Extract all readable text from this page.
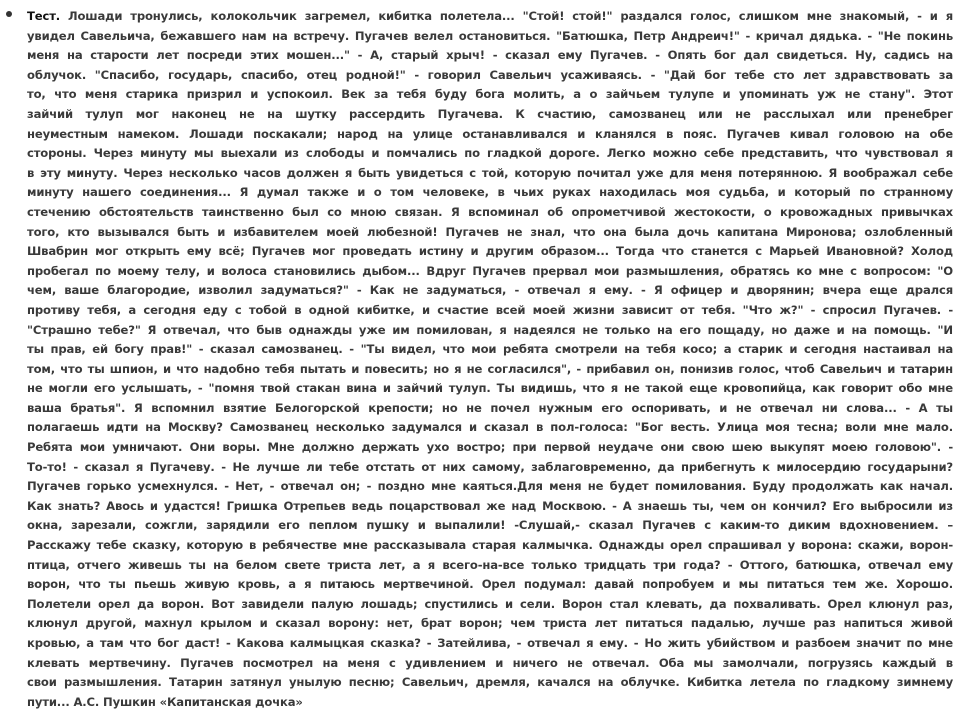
Тест. Лошади тронулись, колокольчик загремел, кибитка полетела... "Стой! стой!" раздался голос, слишком мне знакомый, - и я
увидел Савельича, бежавшего нам на встречу. Пугачев велел остановиться. "Батюшка, Петр Андреич!" - кричал дядька. - "Не покинь
меня на старости лет посреди этих мошен..." - А, старый хрыч! - сказал ему Пугачев. - Опять бог дал свидеться. Ну, садись на
облучок. "Спасибо, государь, спасибо, отец родной!" - говорил Савельич усаживаясь. - "Дай бог тебе сто лет здравствовать за
то, что меня старика призрил и успокоил. Век за тебя буду бога молить, а о зайчьем тулупе и упоминать уж не стану". Этот
зайчий тулуп мог наконец не на шутку рассердить Пугачева. К счастию, самозванец или не расслыхал или пренебрег
неуместным намеком. Лошади поскакали; народ на улице останавливался и кланялся в пояс. Пугачев кивал головою на обе
стороны. Через минуту мы выехали из слободы и помчались по гладкой дороге. Легко можно себе представить, что чувствовал я
в эту минуту. Через несколько часов должен я быть увидеться с той, которую почитал уже для меня потерянною. Я воображал себе
минуту нашего соединения... Я думал также и о том человеке, в чьих руках находилась моя судьба, и который по странному
стечению обстоятельств таинственно был со мною связан. Я вспоминал об опрометчивой жестокости, о кровожадных привычках
того, кто вызывался быть и избавителем моей любезной! Пугачев не знал, что она была дочь капитана Миронова; озлобленный
Швабрин мог открыть ему всё; Пугачев мог проведать истину и другим образом... Тогда что станется с Марьей Ивановной? Холод
пробегал по моему телу, и волоса становились дыбом... Вдруг Пугачев прервал мои размышления, обратясь ко мне с вопросом: "О
чем, ваше благородие, изволил задуматься?" - Как не задуматься, - отвечал я ему. - Я офицер и дворянин; вчера еще дрался
противу тебя, а сегодня еду с тобой в одной кибитке, и счастие всей моей жизни зависит от тебя. "Что ж?" - спросил Пугачев. -
"Страшно тебе?" Я отвечал, что быв однажды уже им помилован, я надеялся не только на его пощаду, но даже и на помощь. "И
ты прав, ей богу прав!" - сказал самозванец. - "Ты видел, что мои ребята смотрели на тебя косо; а старик и сегодня настаивал на
том, что ты шпион, и что надобно тебя пытать и повесить; но я не согласился", - прибавил он, понизив голос, чтоб Савельич и татарин
не могли его услышать, - "помня твой стакан вина и зайчий тулуп. Ты видишь, что я не такой еще кровопийца, как говорит обо мне
ваша братья". Я вспомнил взятие Белогорской крепости; но не почел нужным его оспоривать, и не отвечал ни слова... - А ты
полагаешь идти на Москву? Самозванец несколько задумался и сказал в пол-голоса: "Бог весть. Улица моя тесна; воли мне мало.
Ребята мои умничают. Они воры. Мне должно держать ухо востро; при первой неудаче они свою шею выкупят моею головою". -
То-то! - сказал я Пугачеву. - Не лучше ли тебе отстать от них самому, заблаговременно, да прибегнуть к милосердию государыни?
Пугачев горько усмехнулся. - Нет, - отвечал он; - поздно мне каяться.Для меня не будет помилования. Буду продолжать как начал.
Как знать? Авось и удастся! Гришка Отрепьев ведь поцарствовал же над Москвою. - А знаешь ты, чем он кончил? Его выбросили из
окна, зарезали, сожгли, зарядили его пеплом пушку и выпалили! -Слушай,- сказал Пугачев с каким-то диким вдохновением. –
Расскажу тебе сказку, которую в ребячестве мне рассказывала старая калмычка. Однажды орел спрашивал у ворона: скажи, ворон-
птица, отчего живешь ты на белом свете триста лет, а я всего-на-все только тридцать три года? - Оттого, батюшка, отвечал ему
ворон, что ты пьешь живую кровь, а я питаюсь мертвечиной. Орел подумал: давай попробуем и мы питаться тем же. Хорошо.
Полетели орел да ворон. Вот завидели палую лошадь; спустились и сели. Ворон стал клевать, да похваливать. Орел клюнул раз,
клюнул другой, махнул крылом и сказал ворону: нет, брат ворон; чем триста лет питаться падалью, лучше раз напиться живой
кровью, а там что бог даст! - Какова калмыцкая сказка? - Затейлива, - отвечал я ему. - Но жить убийством и разбоем значит по мне
клевать мертвечину. Пугачев посмотрел на меня с удивлением и ничего не отвечал. Оба мы замолчали, погрузясь каждый в
свои размышления. Татарин затянул унылую песню; Савельич, дремля, качался на облучке. Кибитка летела по гладкому зимнему
пути... А.С. Пушкин «Капитанская дочка»
